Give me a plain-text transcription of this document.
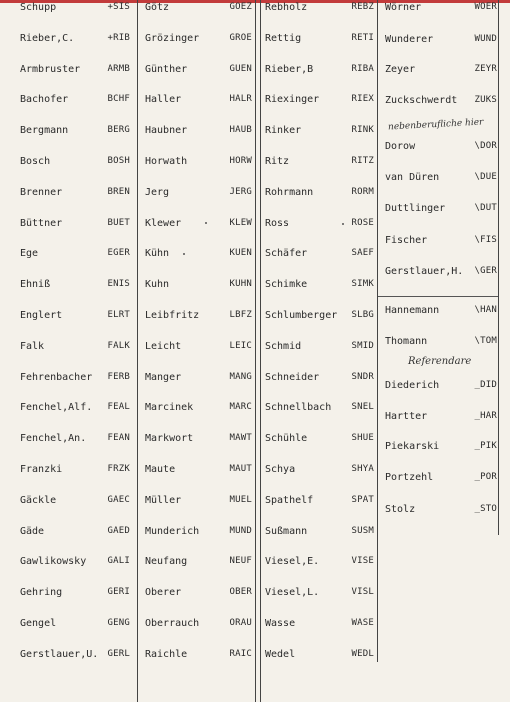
Schupp	+SIS
Rieber,C.	+RIB
Armbruster	ARMB
Bachofer	BCHF
Bergmann	BERG
Bosch	BOSH
Brenner	BREN
Büttner	BUET
Ege	EGER
Ehniß	ENIS
Englert	ELRT
Falk	FALK
Fehrenbacher FERB
Fenchel,Alf. FEAL
Fenchel,An. FEAN
Franzki	FRZK
Gäckle	GAEC
Gäde	GAED
Gawlikowsky GALI
Gehring	GERI
Gengel	GENG
Gerstlauer,U. GERL
Götz	GOEZ
Grözinger	GROE
Günther	GUEN
Haller	HALR
Haubner	HAUB
Horwath	HORW
Jerg	JERG
Klewer	KLEW
Kühn	KUEN
Kuhn	KUHN
Leibfritz	LBFZ
Leicht	LEIC
Manger	MANG
Marcinek	MARC
Markwort	MAWT
Maute	MAUT
Müller	MUEL
Munderich	MUND
Neufang	NEUF
Oberer	OBER
Oberrauch	ORAU
Raichle	RAIC
Rebholz	REBZ
Rettig	RETI
Rieber,B	RIBA
Riexinger	RIEX
Rinker	RINK
Ritz	RITZ
Rohrmann	RORM
Ross	ROSE
Schäfer	SAEF
Schimke	SIMK
Schlumberger SLBG
Schmid	SMID
Schneider	SNDR
Schnellbach SNEL
Schühle	SHUE
Schya	SHYA
Spathelf	SPAT
Sußmann	SUSM
Viesel,E.	VISE
Viesel,L.	VISL
Wasse	WASE
Wedel	WEDL
Wörner	WOER
Wunderer	WUND
Zeyer	ZEYR
Zuckschwerdt ZUKS
Dorow	\DOR
van Düren	\DUE
Duttlinger	\DUT
Fischer	\FIS
Gerstlauer,H. \GER
Hannemann	\HAN
Thomann	\TOM
Diederich	_DID
Hartter	_HAR
Piekarski	_PIK
Portzehl	_POR
Stolz	_STO
nebenberufliche hier
Referendare
